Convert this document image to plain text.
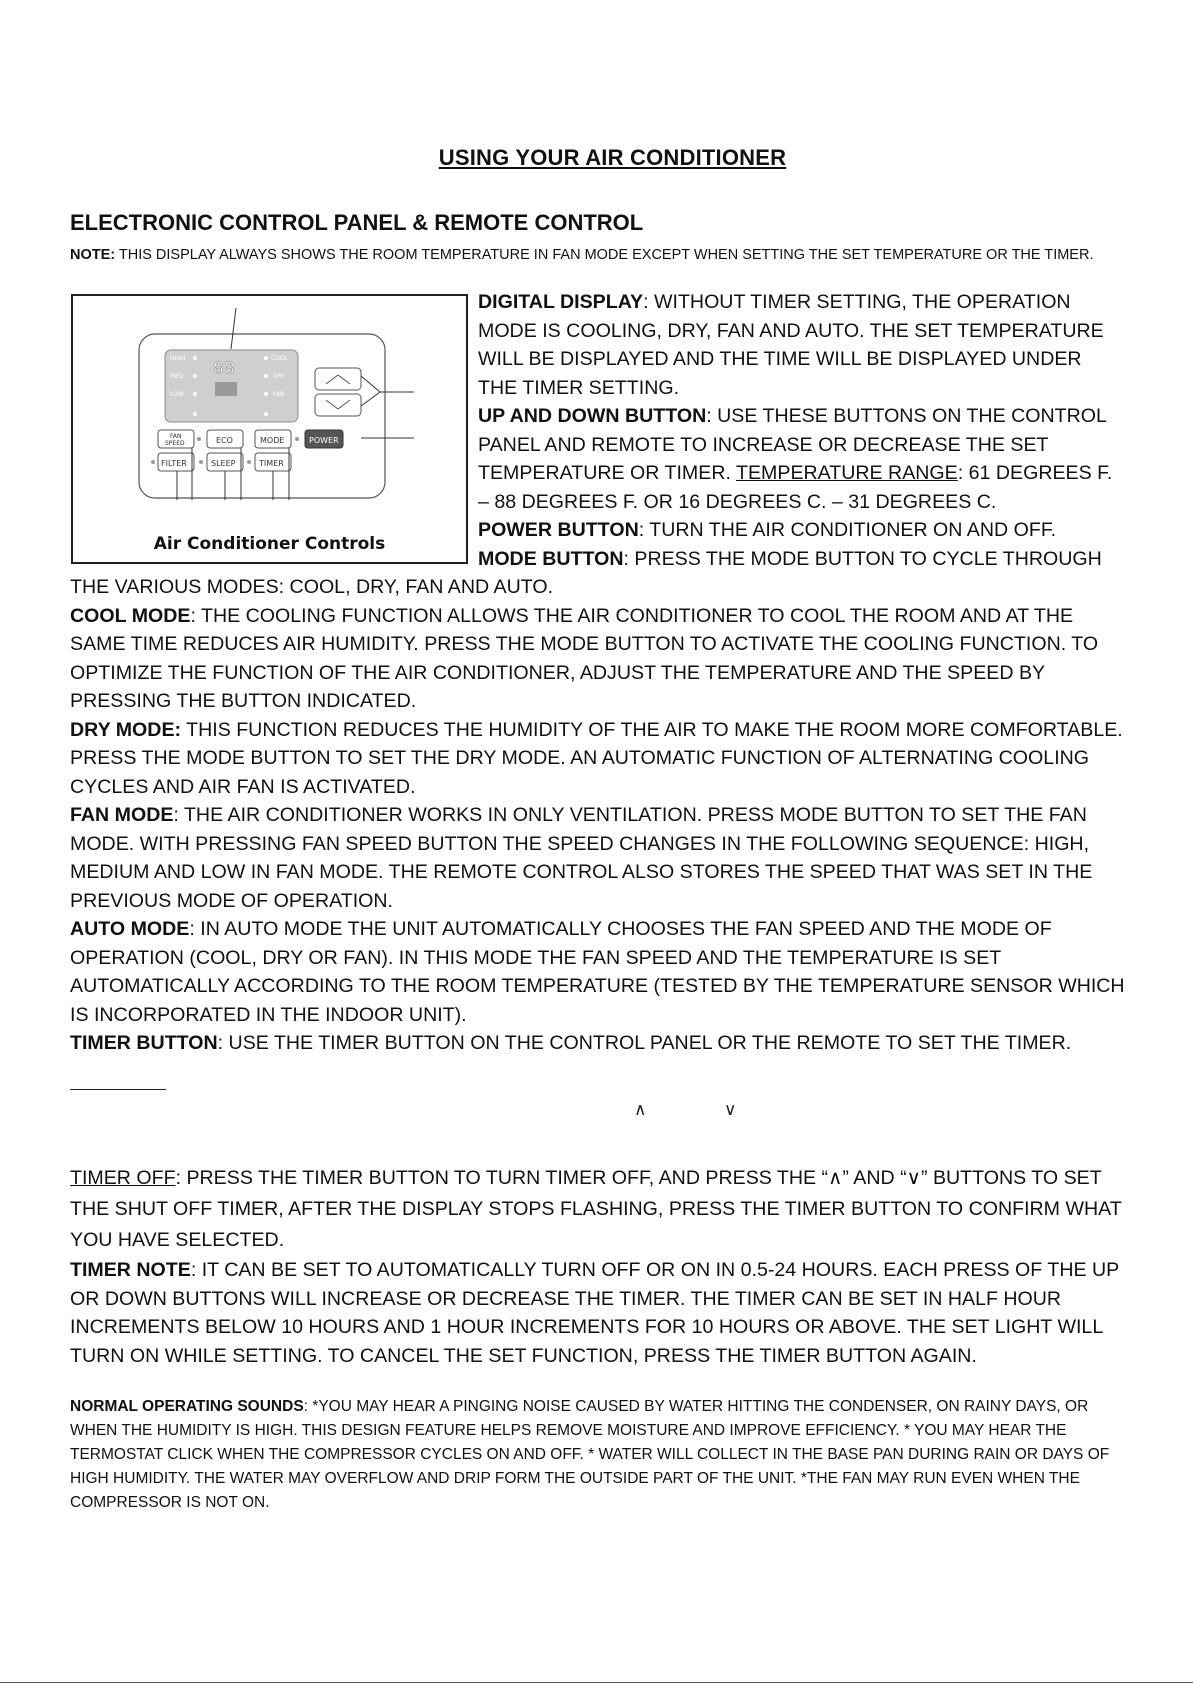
USING YOUR AIR CONDITIONER
ELECTRONIC CONTROL PANEL & REMOTE CONTROL
NOTE: THIS DISPLAY ALWAYS SHOWS THE ROOM TEMPERATURE IN FAN MODE EXCEPT WHEN SETTING THE SET TEMPERATURE OR THE TIMER.
88
HIGH
MED
LOW
COOL
DRY
FAN
FAN
SPEED	ECO	MODE	POWER
FILTER	SLEEP	TIMER
Air Conditioner Controls

DIGITAL DISPLAY: WITHOUT TIMER SETTING, THE OPERATION MODE IS COOLING, DRY, FAN AND AUTO. THE SET TEMPERATURE WILL BE DISPLAYED AND THE TIME WILL BE DISPLAYED UNDER THE TIMER SETTING.

UP AND DOWN BUTTON: USE THESE BUTTONS ON THE CONTROL PANEL AND REMOTE TO INCREASE OR DECREASE THE SET TEMPERATURE OR TIMER. TEMPERATURE RANGE: 61 DEGREES F. – 88 DEGREES F. OR 16 DEGREES C. – 31 DEGREES C.

POWER BUTTON: TURN THE AIR CONDITIONER ON AND OFF.

MODE BUTTON: PRESS THE MODE BUTTON TO CYCLE THROUGH

THE VARIOUS MODES: COOL, DRY, FAN AND AUTO.

COOL MODE: THE COOLING FUNCTION ALLOWS THE AIR CONDITIONER TO COOL THE ROOM AND AT THE SAME TIME REDUCES AIR HUMIDITY. PRESS THE MODE BUTTON TO ACTIVATE THE COOLING FUNCTION. TO OPTIMIZE THE FUNCTION OF THE AIR CONDITIONER, ADJUST THE TEMPERATURE AND THE SPEED BY PRESSING THE BUTTON INDICATED.

DRY MODE: THIS FUNCTION REDUCES THE HUMIDITY OF THE AIR TO MAKE THE ROOM MORE COMFORTABLE. PRESS THE MODE BUTTON TO SET THE DRY MODE. AN AUTOMATIC FUNCTION OF ALTERNATING COOLING CYCLES AND AIR FAN IS ACTIVATED.

FAN MODE: THE AIR CONDITIONER WORKS IN ONLY VENTILATION. PRESS MODE BUTTON TO SET THE FAN MODE. WITH PRESSING FAN SPEED BUTTON THE SPEED CHANGES IN THE FOLLOWING SEQUENCE: HIGH, MEDIUM AND LOW IN FAN MODE. THE REMOTE CONTROL ALSO STORES THE SPEED THAT WAS SET IN THE PREVIOUS MODE OF OPERATION.

AUTO MODE: IN AUTO MODE THE UNIT AUTOMATICALLY CHOOSES THE FAN SPEED AND THE MODE OF OPERATION (COOL, DRY OR FAN). IN THIS MODE THE FAN SPEED AND THE TEMPERATURE IS SET AUTOMATICALLY ACCORDING TO THE ROOM TEMPERATURE (TESTED BY THE TEMPERATURE SENSOR WHICH IS INCORPORATED IN THE INDOOR UNIT).

TIMER BUTTON: USE THE TIMER BUTTON ON THE CONTROL PANEL OR THE REMOTE TO SET THE TIMER.

∧	∨

TIMER OFF: PRESS THE TIMER BUTTON TO TURN TIMER OFF, AND PRESS THE “∧” AND “∨” BUTTONS TO SET THE SHUT OFF TIMER, AFTER THE DISPLAY STOPS FLASHING, PRESS THE TIMER BUTTON TO CONFIRM WHAT YOU HAVE SELECTED.

TIMER NOTE: IT CAN BE SET TO AUTOMATICALLY TURN OFF OR ON IN 0.5-24 HOURS. EACH PRESS OF THE UP OR DOWN BUTTONS WILL INCREASE OR DECREASE THE TIMER. THE TIMER CAN BE SET IN HALF HOUR INCREMENTS BELOW 10 HOURS AND 1 HOUR INCREMENTS FOR 10 HOURS OR ABOVE. THE SET LIGHT WILL TURN ON WHILE SETTING. TO CANCEL THE SET FUNCTION, PRESS THE TIMER BUTTON AGAIN.

NORMAL OPERATING SOUNDS: *YOU MAY HEAR A PINGING NOISE CAUSED BY WATER HITTING THE CONDENSER, ON RAINY DAYS, OR WHEN THE HUMIDITY IS HIGH. THIS DESIGN FEATURE HELPS REMOVE MOISTURE AND IMPROVE EFFICIENCY. * YOU MAY HEAR THE TERMOSTAT CLICK WHEN THE COMPRESSOR CYCLES ON AND OFF. * WATER WILL COLLECT IN THE BASE PAN DURING RAIN OR DAYS OF HIGH HUMIDITY. THE WATER MAY OVERFLOW AND DRIP FORM THE OUTSIDE PART OF THE UNIT. *THE FAN MAY RUN EVEN WHEN THE COMPRESSOR IS NOT ON.
